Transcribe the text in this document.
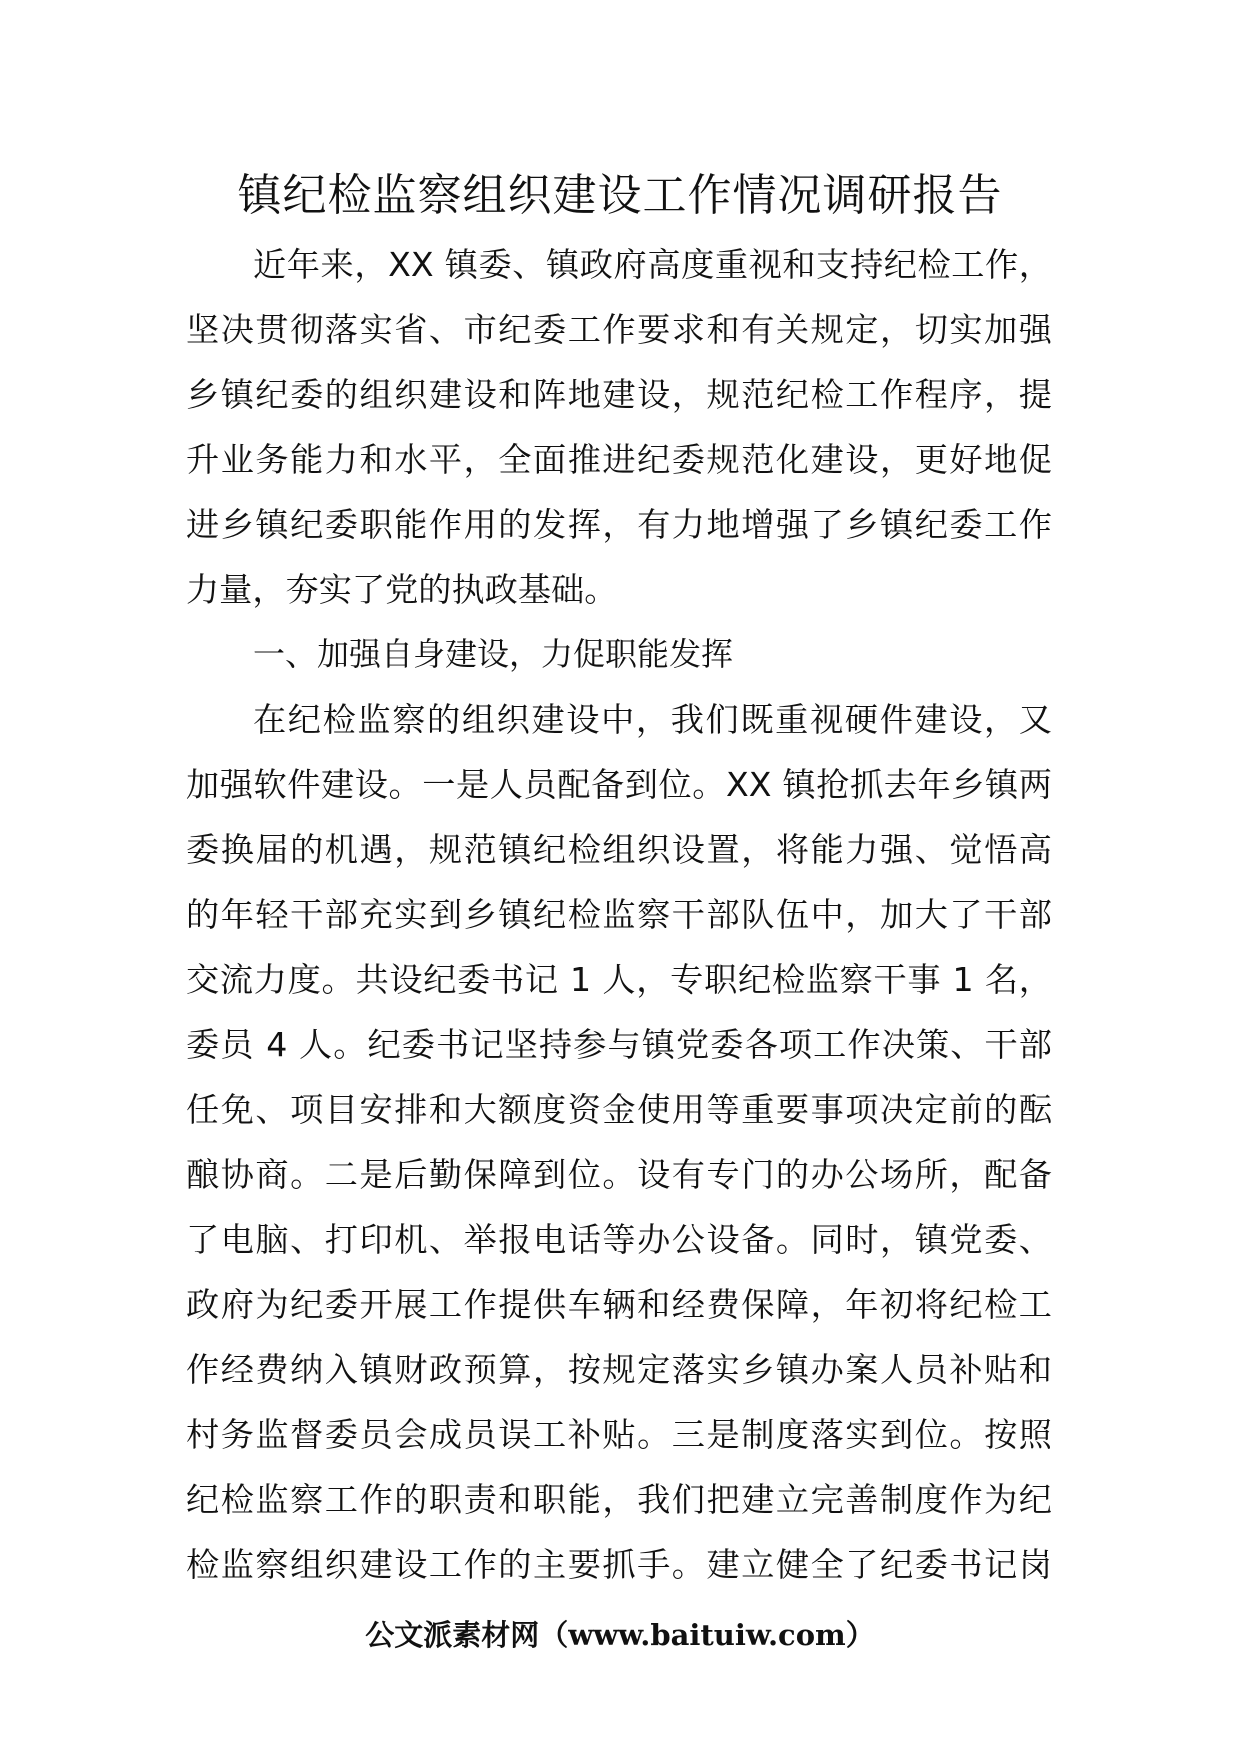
镇纪检监察组织建设工作情况调研报告
近年来，XX 镇委、镇政府高度重视和支持纪检工作，
坚决贯彻落实省、市纪委工作要求和有关规定，切实加强
乡镇纪委的组织建设和阵地建设，规范纪检工作程序，提
升业务能力和水平，全面推进纪委规范化建设，更好地促
进乡镇纪委职能作用的发挥，有力地增强了乡镇纪委工作
力量，夯实了党的执政基础。
一、加强自身建设，力促职能发挥
在纪检监察的组织建设中，我们既重视硬件建设，又
加强软件建设。一是人员配备到位。XX 镇抢抓去年乡镇两
委换届的机遇，规范镇纪检组织设置，将能力强、觉悟高
的年轻干部充实到乡镇纪检监察干部队伍中，加大了干部
交流力度。共设纪委书记 1 人，专职纪检监察干事 1 名，
委员 4 人。纪委书记坚持参与镇党委各项工作决策、干部
任免、项目安排和大额度资金使用等重要事项决定前的酝
酿协商。二是后勤保障到位。设有专门的办公场所，配备
了电脑、打印机、举报电话等办公设备。同时，镇党委、
政府为纪委开展工作提供车辆和经费保障，年初将纪检工
作经费纳入镇财政预算，按规定落实乡镇办案人员补贴和
村务监督委员会成员误工补贴。三是制度落实到位。按照
纪检监察工作的职责和职能，我们把建立完善制度作为纪
检监察组织建设工作的主要抓手。建立健全了纪委书记岗
公文派素材网（www.baituiw.com）
